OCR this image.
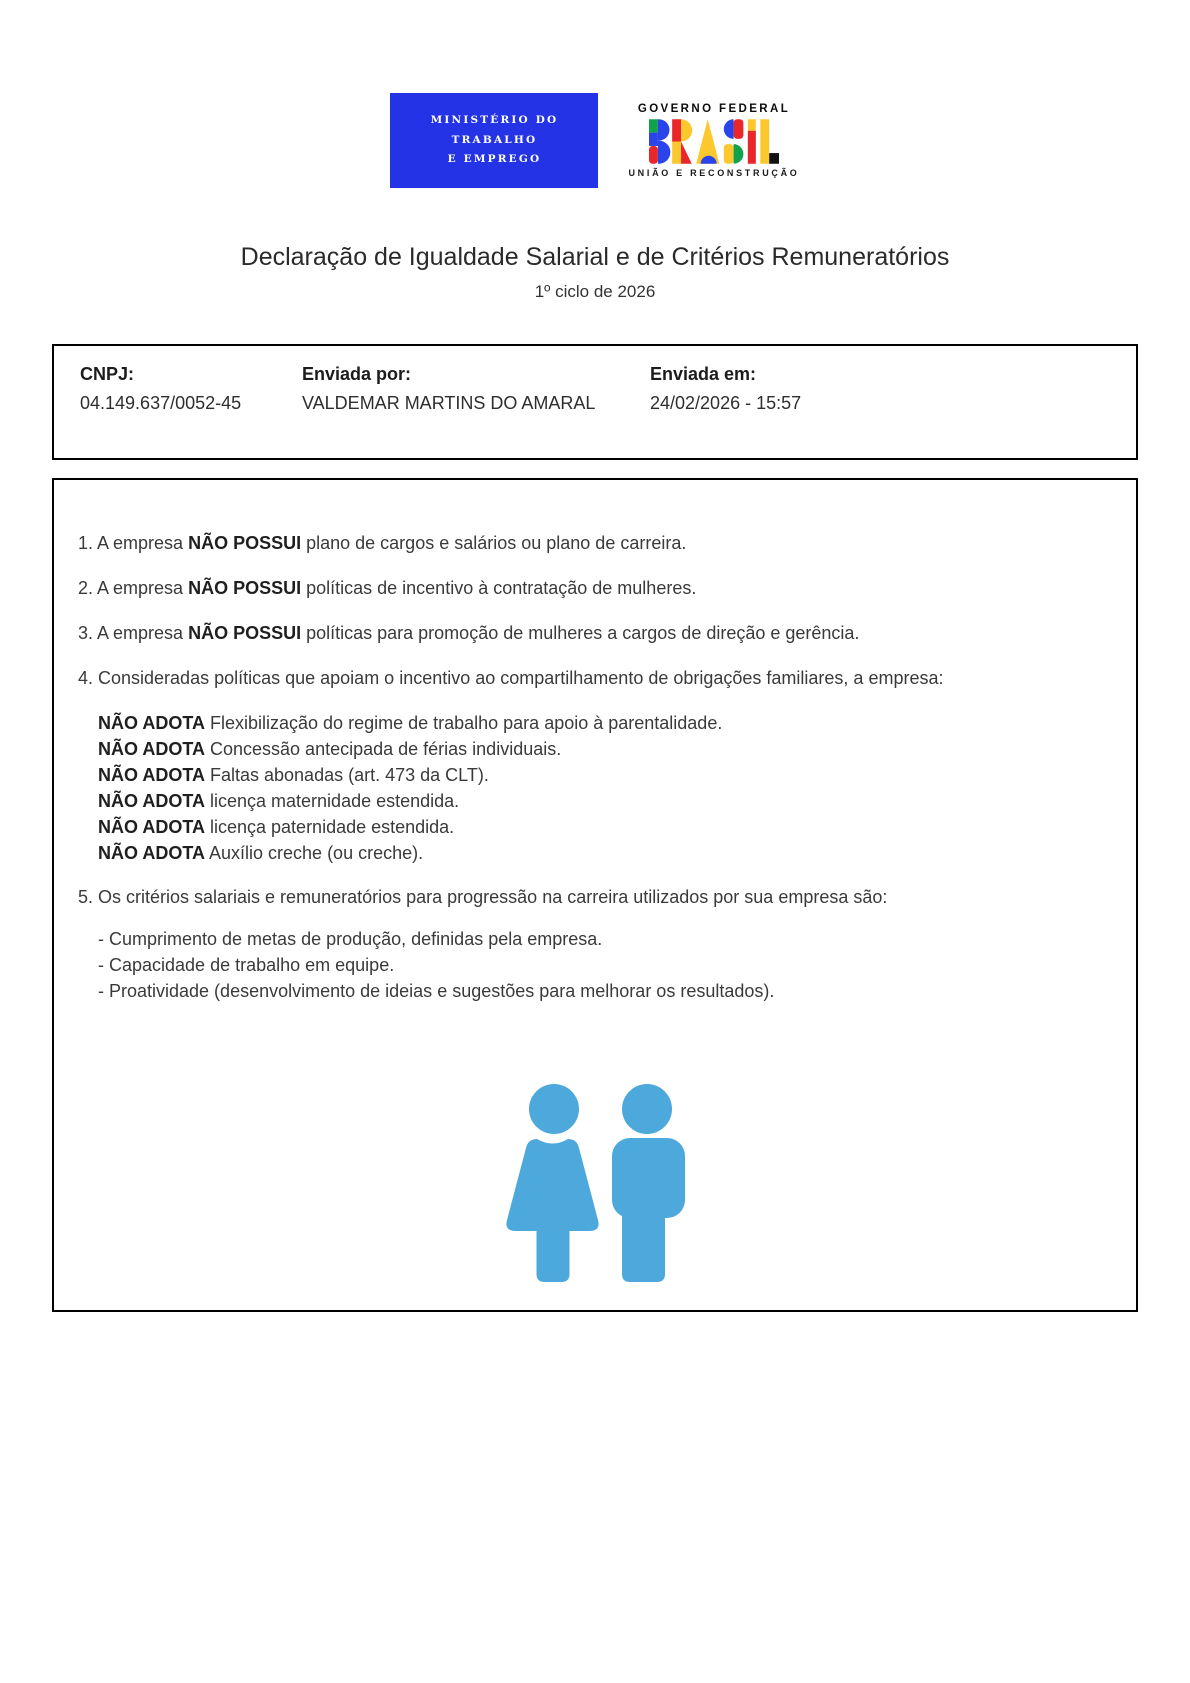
MINISTÉRIO DO
TRABALHO
E EMPREGO
GOVERNO FEDERAL
UNIÃO E RECONSTRUÇÃO
Declaração de Igualdade Salarial e de Critérios Remuneratórios
1º ciclo de 2026
CNPJ:
04.149.637/0052-45
Enviada por:
VALDEMAR MARTINS DO AMARAL
Enviada em:
24/02/2026 - 15:57

1. A empresa NÃO POSSUI plano de cargos e salários ou plano de carreira.

2. A empresa NÃO POSSUI políticas de incentivo à contratação de mulheres.

3. A empresa NÃO POSSUI políticas para promoção de mulheres a cargos de direção e gerência.

4. Consideradas políticas que apoiam o incentivo ao compartilhamento de obrigações familiares, a empresa:

NÃO ADOTA Flexibilização do regime de trabalho para apoio à parentalidade.

NÃO ADOTA Concessão antecipada de férias individuais.

NÃO ADOTA Faltas abonadas (art. 473 da CLT).

NÃO ADOTA licença maternidade estendida.

NÃO ADOTA licença paternidade estendida.

NÃO ADOTA Auxílio creche (ou creche).

5. Os critérios salariais e remuneratórios para progressão na carreira utilizados por sua empresa são:

- Cumprimento de metas de produção, definidas pela empresa.

- Capacidade de trabalho em equipe.

- Proatividade (desenvolvimento de ideias e sugestões para melhorar os resultados).
